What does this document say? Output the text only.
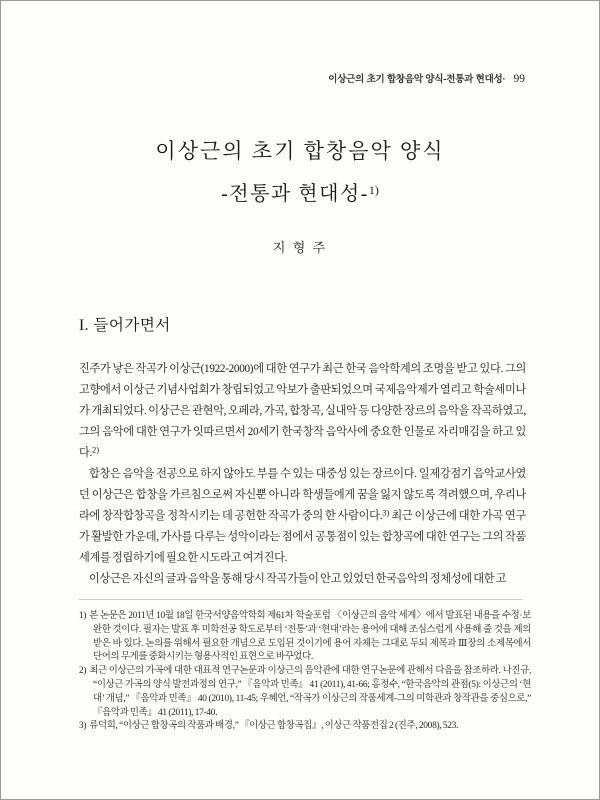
이상근의 초기 합창음악 양식-전통과 현대성· 99
이상근의 초기 합창음악 양식
-전통과 현대성-$^{1)}$
지 형 주
I. 들어가면서

진주가 낳은 작곡가 이상근(1922-2000)에 대한 연구가 최근 한국 음악학계의 조명을 받고 있다. 그의 고향에서 이상근 기념사업회가 창립되었고 악보가 출판되었으며 국제음악제가 열리고 학술세미나가 개최되었다. 이상근은 관현악, 오페라, 가곡, 합창곡, 실내악 등 다양한 장르의 음악을 작곡하였고, 그의 음악에 대한 연구가 잇따르면서 20세기 한국창작 음악사에 중요한 인물로 자리매김을 하고 있다.$^{2)}$

합창은 음악을 전공으로 하지 않아도 부를 수 있는 대중성 있는 장르이다. 일제강점기 음악교사였던 이상근은 합창을 가르침으로써 자신뿐 아니라 학생들에게 꿈을 잃지 않도록 격려했으며, 우리나라에 창작합창곡을 정착시키는 데 공헌한 작곡가 중의 한 사람이다.$^{3)}$ 최근 이상근에 대한 가곡 연구가 활발한 가운데, 가사를 다루는 성악이라는 점에서 공통점이 있는 합창곡에 대한 연구는 그의 작품세계를 정립하기에 필요한 시도라고 여겨진다.

이상근은 자신의 글과 음악을 통해 당시 작곡가들이 안고 있었던 한국음악의 정체성에 대한 고

1) 본 논문은 2011년 10월 18일 한국서양음악학회 제61차 학술포럼 〈이상근의 음악 세계〉에서 발표된 내용을 수정·보완한 것이다. 필자는 발표 후 미학전공 학도로부터 ‘전통’과 ‘현대’라는 용어에 대해 조심스럽게 사용해 줄 것을 제의 받은 바 있다. 논의를 위해서 필요한 개념으로 도입된 것이기에 용어 자체는 그대로 두되 제목과 Ⅲ장의 소제목에서 단어의 무게를 중화시키는 형용사적인 표현으로 바꾸었다.

2) 최근 이상근의 가곡에 대한 대표적 연구논문과 이상근의 음악관에 대한 연구논문에 관해서 다음을 참조하라. 나진규, “이상근 가곡의 양식 발전과정의 연구,” 『음악과 민족』 41 (2011), 41-66; 홍정수, “한국음악의 관점(5): 이상근의 ‘현대’ 개념,” 『음악과 민족』 40 (2010), 11-45; 우혜언, “작곡가 이상근의 작품세계-그의 미학관과 창작관을 중심으로,” 『음악과 민족』 41 (2011), 17-40.

3) 류덕희, “이상근 합창곡의 작품과 배경,” 『이상근 합창곡집』, 이상근 작품전집 2 (진주, 2008), 523.
